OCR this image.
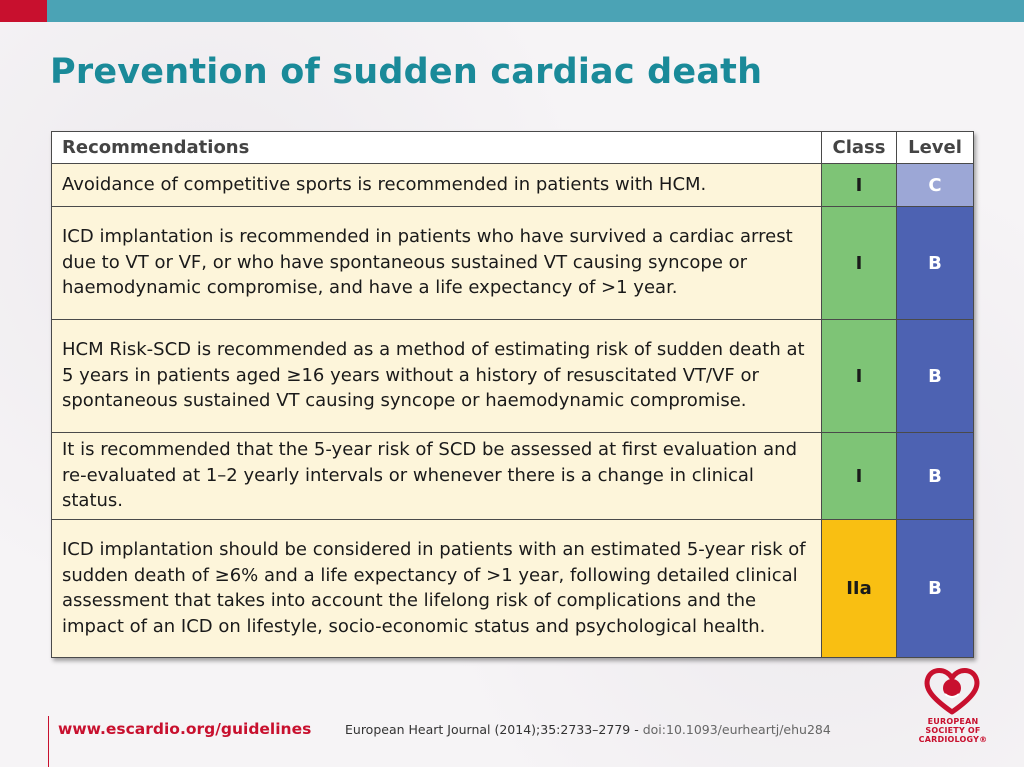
Prevention of sudden cardiac death
Recommendations	Class	Level
Avoidance of competitive sports is recommended in patients with HCM.	I	C
ICD implantation is recommended in patients who have survived a cardiac arrest due to VT or VF, or who have spontaneous sustained VT causing syncope or haemodynamic compromise, and have a life expectancy of >1 year.	I	B
HCM Risk-SCD is recommended as a method of estimating risk of sudden death at 5 years in patients aged ≥16 years without a history of resuscitated VT/VF or spontaneous sustained VT causing syncope or haemodynamic compromise.	I	B
It is recommended that the 5-year risk of SCD be assessed at first evaluation and re-evaluated at 1–2 yearly intervals or whenever there is a change in clinical status.	I	B
ICD implantation should be considered in patients with an estimated 5-year risk of sudden death of ≥6% and a life expectancy of >1 year, following detailed clinical assessment that takes into account the lifelong risk of complications and the impact of an ICD on lifestyle, socio-economic status and psychological health.	IIa	B
www.escardio.org/guidelines	European Heart Journal (2014);35:2733–2779 - doi:10.1093/eurheartj/ehu284
EUROPEAN
SOCIETY OF
CARDIOLOGY®
